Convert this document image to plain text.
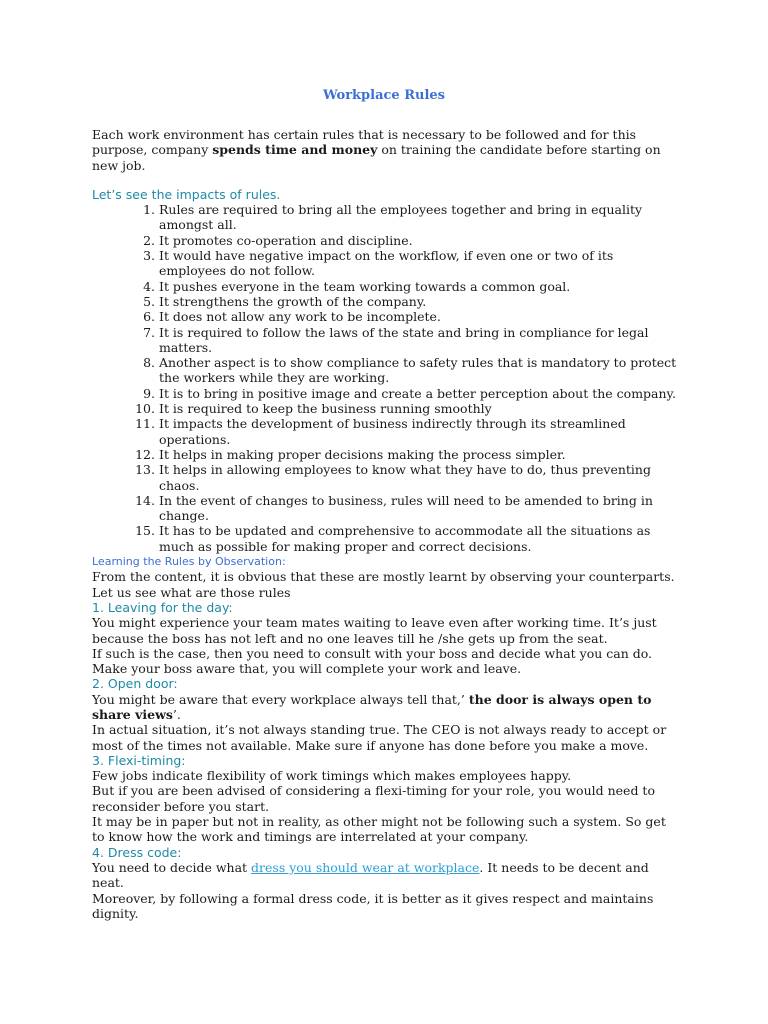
Workplace Rules

Each work environment has certain rules that is necessary to be followed and for this purpose, company spends time and money on training the candidate before starting on new job.

Let’s see the impacts of rules.

1. Rules are required to bring all the employees together and bring in equality amongst all.
2. It promotes co-operation and discipline.
3. It would have negative impact on the workflow, if even one or two of its employees do not follow.
4. It pushes everyone in the team working towards a common goal.
5. It strengthens the growth of the company.
6. It does not allow any work to be incomplete.
7. It is required to follow the laws of the state and bring in compliance for legal matters.
8. Another aspect is to show compliance to safety rules that is mandatory to protect the workers while they are working.
9. It is to bring in positive image and create a better perception about the company.
10. It is required to keep the business running smoothly
11. It impacts the development of business indirectly through its streamlined operations.
12. It helps in making proper decisions making the process simpler.
13. It helps in allowing employees to know what they have to do, thus preventing chaos.
14. In the event of changes to business, rules will need to be amended to bring in change.
15. It has to be updated and comprehensive to accommodate all the situations as much as possible for making proper and correct decisions.

Learning the Rules by Observation:

From the content, it is obvious that these are mostly learnt by observing your counterparts.

Let us see what are those rules

1. Leaving for the day:

You might experience your team mates waiting to leave even after working time. It’s just because the boss has not left and no one leaves till he /she gets up from the seat.

If such is the case, then you need to consult with your boss and decide what you can do. Make your boss aware that, you will complete your work and leave.

2. Open door:

You might be aware that every workplace always tell that,’ the door is always open to share views’.

In actual situation, it’s not always standing true. The CEO is not always ready to accept or most of the times not available. Make sure if anyone has done before you make a move.

3. Flexi-timing:

Few jobs indicate flexibility of work timings which makes employees happy.

But if you are been advised of considering a flexi-timing for your role, you would need to reconsider before you start.

It may be in paper but not in reality, as other might not be following such a system. So get to know how the work and timings are interrelated at your company.

4. Dress code:

You need to decide what dress you should wear at workplace. It needs to be decent and neat.

Moreover, by following a formal dress code, it is better as it gives respect and maintains dignity.
